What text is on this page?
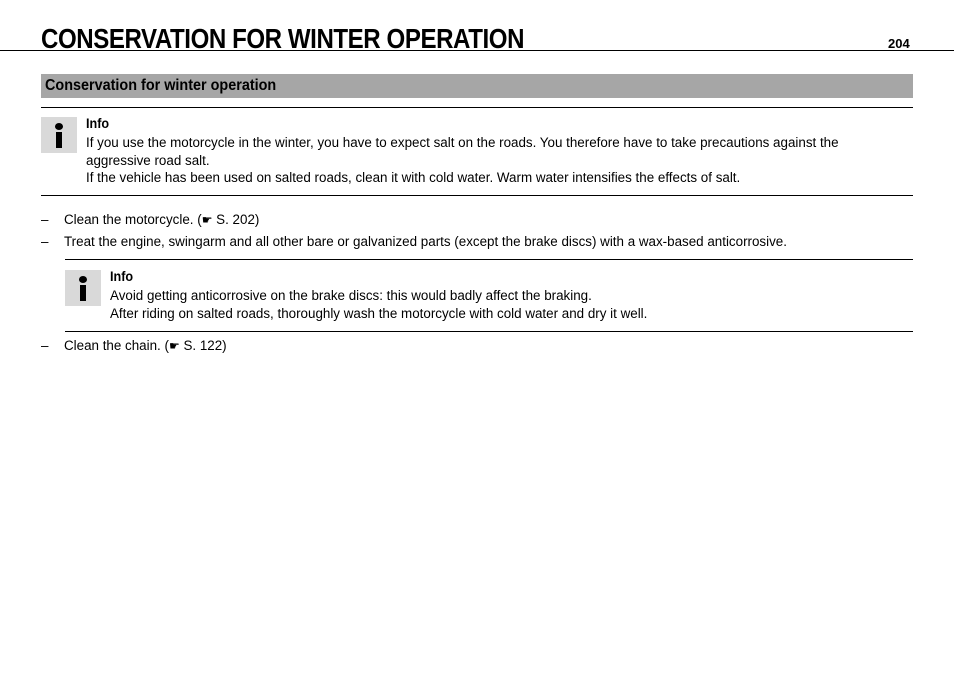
CONSERVATION FOR WINTER OPERATION	204
Conservation for winter operation
Info

If you use the motorcycle in the winter, you have to expect salt on the roads. You therefore have to take precautions against the aggressive road salt.

If the vehicle has been used on salted roads, clean it with cold water. Warm water intensifies the effects of salt.

– Clean the motorcycle. (☛ S. 202)
– Treat the engine, swingarm and all other bare or galvanized parts (except the brake discs) with a wax-based anticorrosive.
Info

Avoid getting anticorrosive on the brake discs: this would badly affect the braking.

After riding on salted roads, thoroughly wash the motorcycle with cold water and dry it well.

– Clean the chain. (☛ S. 122)
